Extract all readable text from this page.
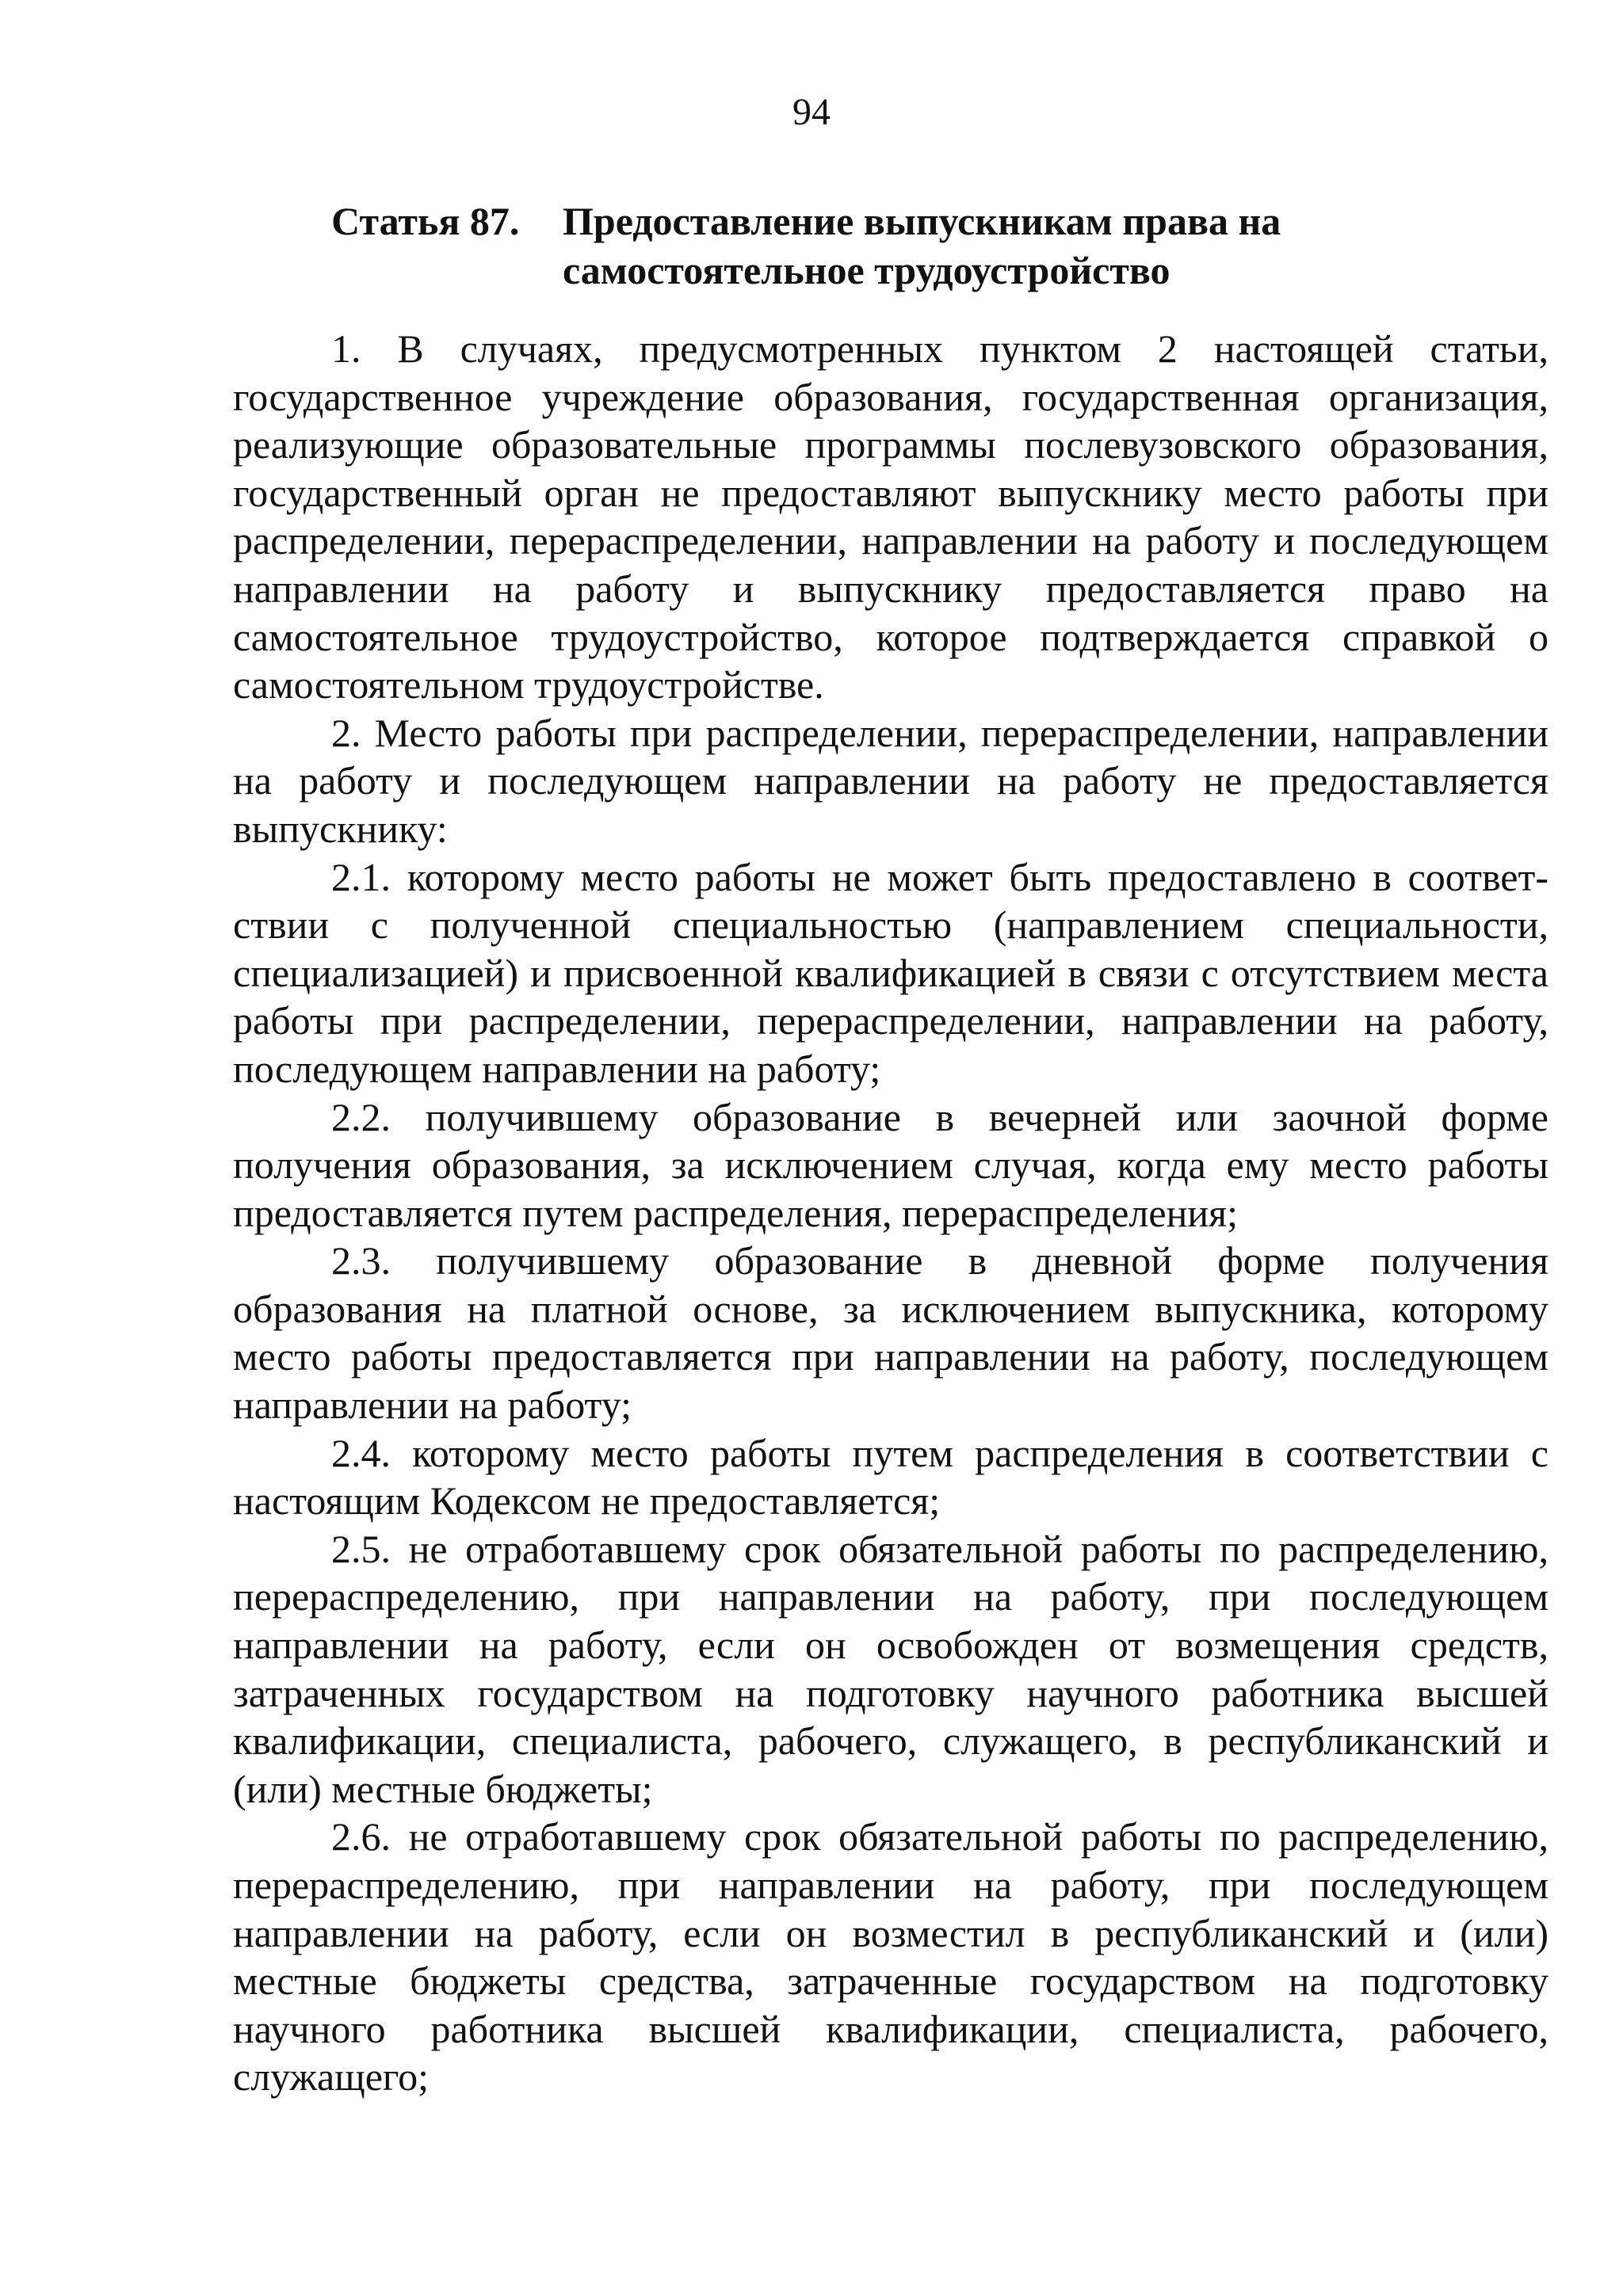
94
Статья 87. Предоставление выпускникам права на самостоятельное трудоустройство

1. В случаях, предусмотренных пунктом 2 настоящей статьи, государственное учреждение образования, государственная организация, реализующие образовательные программы послевузовского образования, государственный орган не предоставляют выпускнику место работы при распределении, перераспределении, направлении на работу и последующем направлении на работу и выпускнику предоставляется право на самостоятельное трудоустройство, которое подтверждается справкой о самостоятельном трудоустройстве.

2. Место работы при распределении, перераспределении, направлении на работу и последующем направлении на работу не предоставляется выпускнику:

2.1. которому место работы не может быть предоставлено в соответствии с полученной специальностью (направлением специальности, специализацией) и присвоенной квалификацией в связи с отсутствием места работы при распределении, перераспределении, направлении на работу, последующем направлении на работу;

2.2. получившему образование в вечерней или заочной форме получения образования, за исключением случая, когда ему место работы предоставляется путем распределения, перераспределения;

2.3. получившему образование в дневной форме получения образования на платной основе, за исключением выпускника, которому место работы предоставляется при направлении на работу, последующем направлении на работу;

2.4. которому место работы путем распределения в соответствии с настоящим Кодексом не предоставляется;

2.5. не отработавшему срок обязательной работы по распределению, перераспределению, при направлении на работу, при последующем направлении на работу, если он освобожден от возмещения средств, затраченных государством на подготовку научного работника высшей квалификации, специалиста, рабочего, служащего, в республиканский и (или) местные бюджеты;

2.6. не отработавшему срок обязательной работы по распределению, перераспределению, при направлении на работу, при последующем направлении на работу, если он возместил в республиканский и (или) местные бюджеты средства, затраченные государством на подготовку научного работника высшей квалификации, специалиста, рабочего, служащего;
